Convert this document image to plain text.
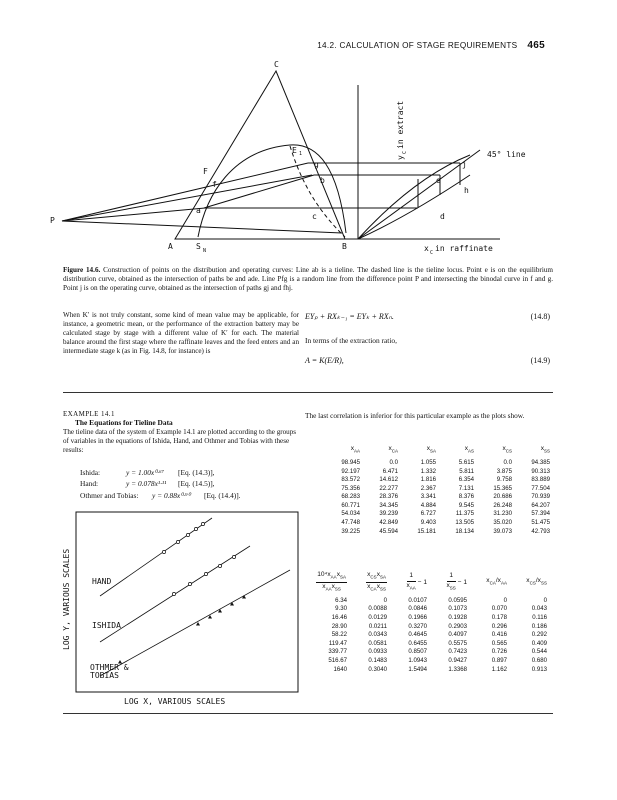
14.2. CALCULATION OF STAGE REQUIREMENTS 465
C
P
A	S N	B
E 1
g
F
f	b
a
c
e
j
h
d
45° line
x C in raffinate
y
C
in extract
Figure 14.6. Construction of points on the distribution and operating curves: Line ab is a tieline. The dashed line is the tieline locus. Point e is on the equilibrium distribution curve, obtained as the intersection of paths be and ade. Line Pfg is a random line from the difference point P and intersecting the binodal curve in f and g. Point j is on the operating curve, obtained as the intersection of paths gj and fhj.
When K′ is not truly constant, some kind of mean value may be applicable, for instance, a geometric mean, or the performance of the extraction battery may be calculated stage by stage with a different value of K′ for each. The material balance around the first stage where the raffinate leaves and the feed enters and an intermediate stage k (as in Fig. 14.8, for instance) is
EYₚ + RXₖ₋₁ = EYₖ + RXₙ.	(14.8)
In terms of the extraction ratio,
A = K(E/R),	(14.9)
EXAMPLE 14.1
The Equations for Tieline Data
The tieline data of the system of Example 14.1 are plotted according to the groups of variables in the equations of Ishida, Hand, and Othmer and Tobias with these results:
Ishida:	y = 1.00x⁰·⁶⁷ [Eq. (14.3)],
Hand:	y = 0.078x¹·¹¹ [Eq. (14.5)],
Othmer and Tobias: y = 0.88x⁰·⁹⁰ [Eq. (14.4)].
HAND
ISHIDA
OTHMER &
TOBIAS
LOG X, VARIOUS SCALES
LOG Y, VARIOUS SCALES
The last correlation is inferior for this particular example as the plots show.
$x_{AA}$	$x_{CA}$	$x_{SA}$	$x_{AS}$	$x_{CS}$	$x_{SS}$
98.945	0.0	1.055	5.615	0.0	94.385
92.197	6.471	1.332	5.811	3.875	90.313
83.572	14.612	1.816	6.354	9.758	83.889
75.356	22.277	2.367	7.131	15.365	77.504
68.283	28.376	3.341	8.376	20.686	70.939
60.771	34.345	4.884	9.545	26.248	64.207
54.034	39.239	6.727	11.375	31.230	57.394
47.748	42.849	9.403	13.505	35.020	51.475
39.225	45.594	15.181	18.134	39.073	42.793
$\frac{10^4x_{AA}x_{SA}}{x_{AA}x_{SS}}$	$\frac{x_{CS}x_{SA}}{x_{CA}x_{SS}}$	$\frac{1}{x_{AA}} - 1$	$\frac{1}{x_{SS}} - 1$	$x_{CA}/x_{AA}$	$x_{CS}/x_{SS}$
6.34	0	0.0107	0.0595	0	0
9.30	0.0088	0.0846	0.1073	0.070	0.043
16.46	0.0129	0.1966	0.1928	0.178	0.116
28.90	0.0211	0.3270	0.2903	0.296	0.186
58.22	0.0343	0.4645	0.4097	0.416	0.292
119.47	0.0581	0.6455	0.5575	0.565	0.409
339.77	0.0933	0.8507	0.7423	0.726	0.544
516.67	0.1483	1.0943	0.9427	0.897	0.680
1640	0.3040	1.5494	1.3368	1.162	0.913
